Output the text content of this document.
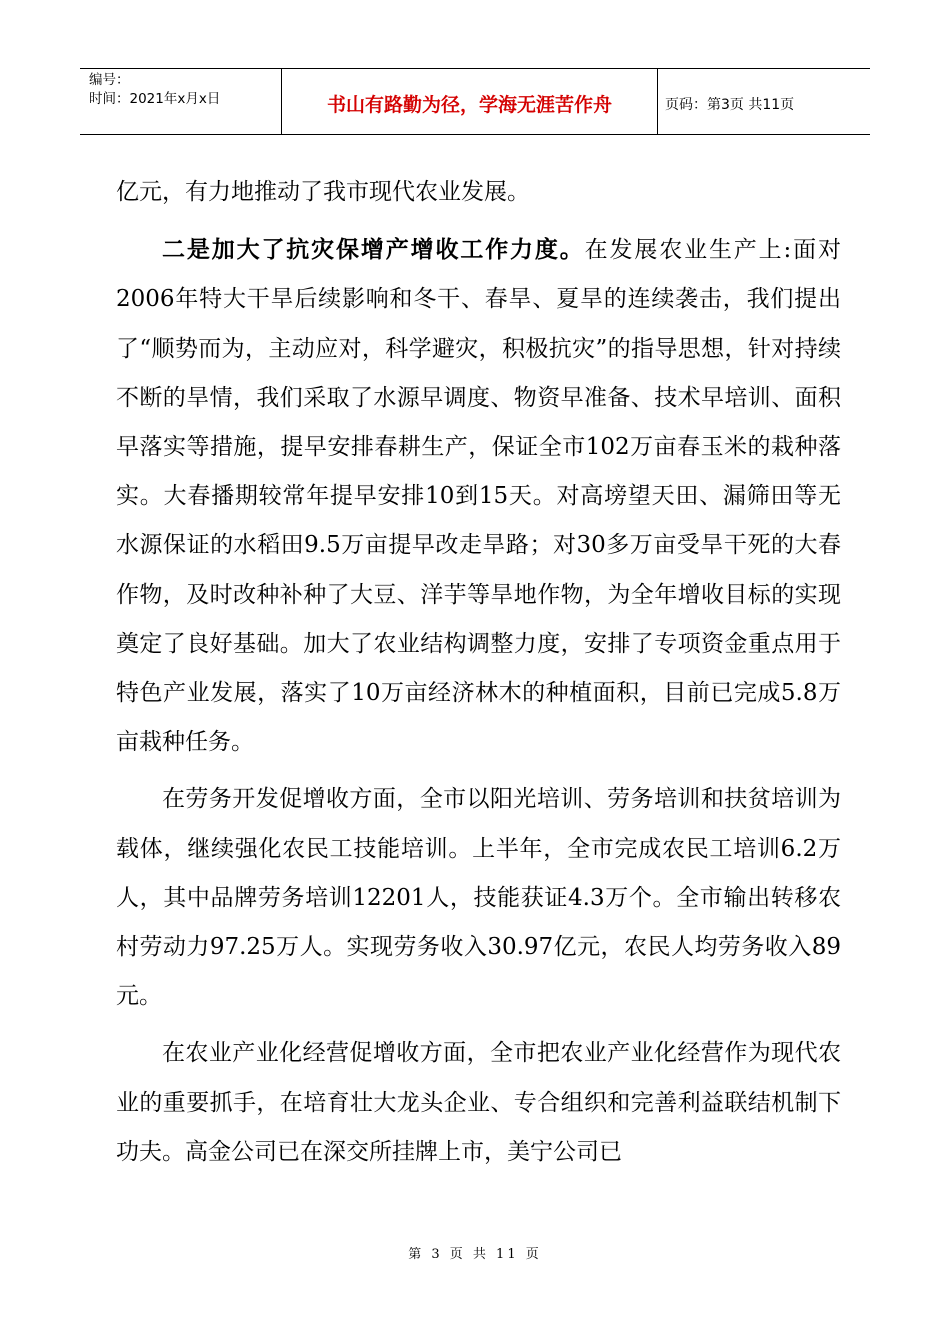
编号：
时间：2021年x月x日	书山有路勤为径，学海无涯苦作舟	页码：第3页 共11页

亿元，有力地推动了我市现代农业发展。

二是加大了抗灾保增产增收工作力度。在发展农业生产上:面对2006年特大干旱后续影响和冬干、春旱、夏旱的连续袭击，我们提出了“顺势而为，主动应对，科学避灾，积极抗灾”的指导思想，针对持续不断的旱情，我们采取了水源早调度、物资早准备、技术早培训、面积早落实等措施，提早安排春耕生产，保证全市102万亩春玉米的栽种落实。大春播期较常年提早安排10到15天。对高塝望天田、漏筛田等无水源保证的水稻田9.5万亩提早改走旱路；对30多万亩受旱干死的大春作物，及时改种补种了大豆、洋芋等旱地作物，为全年增收目标的实现奠定了良好基础。加大了农业结构调整力度，安排了专项资金重点用于特色产业发展，落实了10万亩经济林木的种植面积，目前已完成5.8万亩栽种任务。

在劳务开发促增收方面，全市以阳光培训、劳务培训和扶贫培训为载体，继续强化农民工技能培训。上半年，全市完成农民工培训6.2万人，其中品牌劳务培训12201人，技能获证4.3万个。全市输出转移农村劳动力97.25万人。实现劳务收入30.97亿元，农民人均劳务收入89元。

在农业产业化经营促增收方面，全市把农业产业化经营作为现代农业的重要抓手，在培育壮大龙头企业、专合组织和完善利益联结机制下功夫。高金公司已在深交所挂牌上市，美宁公司已

第 3 页 共 11 页
